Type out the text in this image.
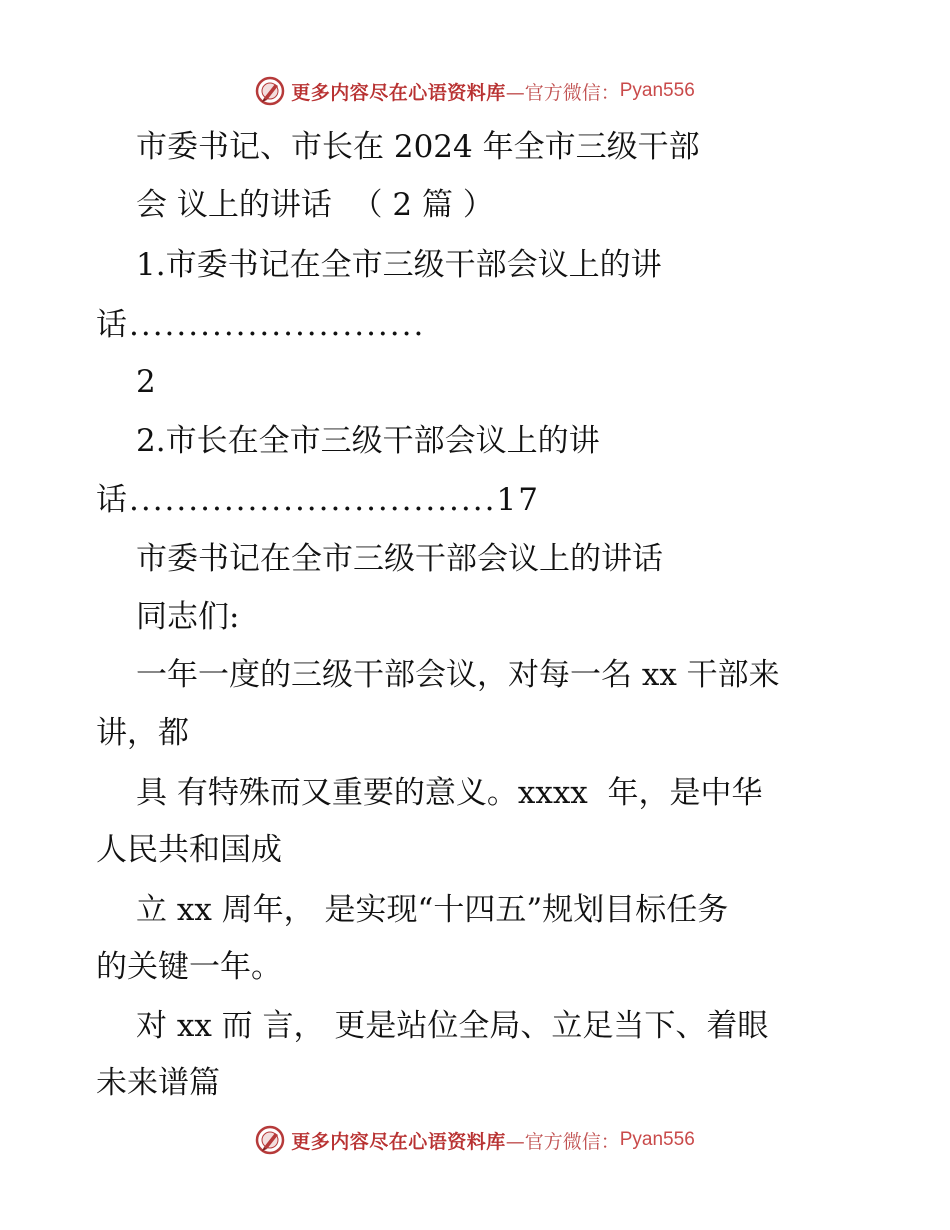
更多内容尽在心语资料库 —官方微信： Pyan556
市委书记、市长在 2024 年全市三级干部
会 议上的讲话  （ 2 篇 ）
1.市委书记在全市三级干部会议上的讲
话.........................
2
2.市长在全市三级干部会议上的讲
话...............................17
市委书记在全市三级干部会议上的讲话
同志们:
一年一度的三级干部会议，对每一名 xx 干部来
讲，都
具 有特殊而又重要的意义。xxxx  年，是中华
人民共和国成
立 xx 周年， 是实现“十四五”规划目标任务
的关键一年。
对 xx 而 言， 更是站位全局、立足当下、着眼
未来谱篇
更多内容尽在心语资料库 —官方微信： Pyan556
